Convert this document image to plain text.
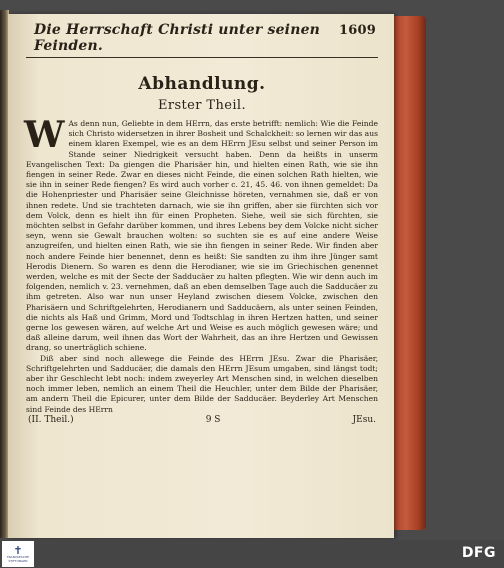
Die Herrschaft Christi unter seinen Feinden.
1609
Abhandlung.
Erster Theil.

W As denn nun, Geliebte in dem HErrn, das erste betrifft: nemlich: Wie die Feinde sich Christo widersetzen in ihrer Bosheit und Schalckheit: so lernen wir das aus einem klaren Exempel, wie es an dem HErrn JEsu selbst und seiner Person im Stande seiner Niedrigkeit versucht haben. Denn da heißts in unserm Evangelischen Text: Da giengen die Pharisäer hin, und hielten einen Rath, wie sie ihn fiengen in seiner Rede. Zwar en dieses nicht Feinde, die einen solchen Rath hielten, wie sie ihn in seiner Rede fiengen? Es wird auch vorher c. 21, 45. 46. von ihnen gemeldet: Da die Hohenpriester und Pharisäer seine Gleichnisse höreten, vernahmen sie, daß er von ihnen redete. Und sie trachteten darnach, wie sie ihn griffen, aber sie fürchten sich vor dem Volck, denn es hielt ihn für einen Propheten. Siehe, weil sie sich fürchten, sie möchten selbst in Gefahr darüber kommen, und ihres Lebens bey dem Volcke nicht sicher seyn, wenn sie Gewalt brauchen wolten: so suchten sie es auf eine andere Weise anzugreifen, und hielten einen Rath, wie sie ihn fiengen in seiner Rede. Wir finden aber noch andere Feinde hier benennet, denn es heißt: Sie sandten zu ihm ihre Jünger samt Herodis Dienern. So waren es denn die Herodianer, wie sie im Griechischen genennet werden, welche es mit der Secte der Sadducäer zu halten pflegten. Wie wir denn auch im folgenden, nemlich v. 23. vernehmen, daß an eben demselben Tage auch die Sadducäer zu ihm getreten. Also war nun unser Heyland zwischen diesem Volcke, zwischen den Pharisäern und Schriftgelehrten, Herodianern und Sadducäern, als unter seinen Feinden, die nichts als Haß und Grimm, Mord und Todtschlag in ihren Hertzen hatten, und seiner gerne los gewesen wären, auf welche Art und Weise es auch möglich gewesen wäre; und daß alleine darum, weil ihnen das Wort der Wahrheit, das an ihre Hertzen und Gewissen drang, so unerträglich schiene.

Diß aber sind noch allewege die Feinde des HErrn JEsu. Zwar die Pharisäer, Schriftgelehrten und Sadducäer, die damals den HErrn JEsum umgaben, sind längst todt; aber ihr Geschlecht lebt noch: indem zweyerley Art Menschen sind, in welchen dieselben noch immer leben, nemlich an einem Theil die Heuchler, unter dem Bilde der Pharisäer, am andern Theil die Epicurer, unter dem Bilde der Sadducäer. Beyderley Art Menschen sind Feinde des HErrn

(II. Theil.)	9 S	JEsu.
✝
FRANCKESCHE STIFTUNGEN	DFG
